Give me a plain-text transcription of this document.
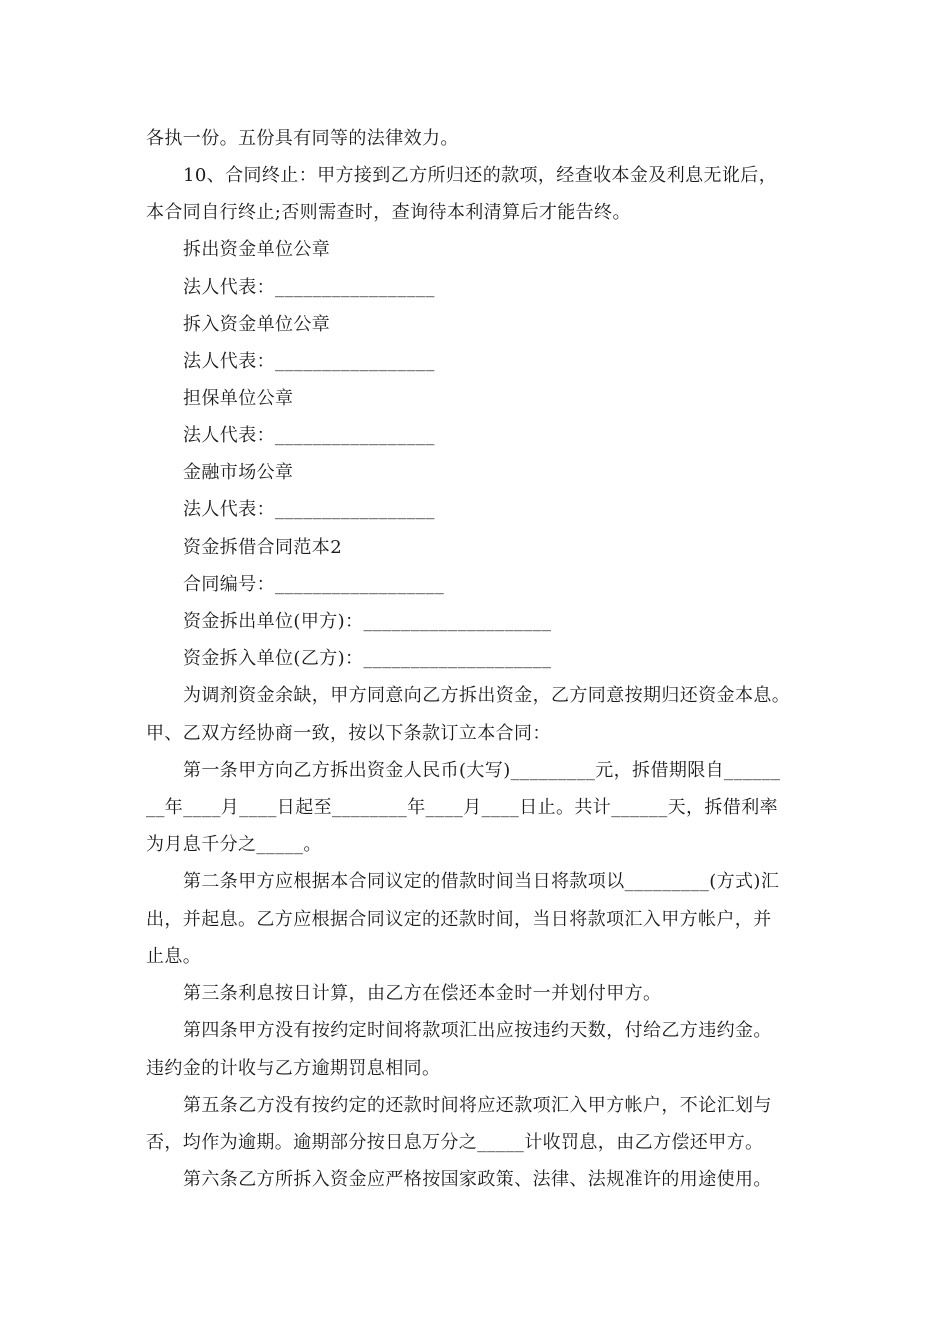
各执一份。五份具有同等的法律效力。
10、合同终止：甲方接到乙方所归还的款项，经查收本金及利息无讹后，
本合同自行终止;否则需查时，查询待本利清算后才能告终。
拆出资金单位公章
法人代表：_________________
拆入资金单位公章
法人代表：_________________
担保单位公章
法人代表：_________________
金融市场公章
法人代表：_________________
资金拆借合同范本2
合同编号：__________________
资金拆出单位(甲方)：____________________
资金拆入单位(乙方)：____________________
为调剂资金余缺，甲方同意向乙方拆出资金，乙方同意按期归还资金本息。
甲、乙双方经协商一致，按以下条款订立本合同：
第一条甲方向乙方拆出资金人民币(大写)_________元，拆借期限自______
__年____月____日起至________年____月____日止。共计______天，拆借利率
为月息千分之_____。
第二条甲方应根据本合同议定的借款时间当日将款项以_________(方式)汇
出，并起息。乙方应根据合同议定的还款时间，当日将款项汇入甲方帐户，并
止息。
第三条利息按日计算，由乙方在偿还本金时一并划付甲方。
第四条甲方没有按约定时间将款项汇出应按违约天数，付给乙方违约金。
违约金的计收与乙方逾期罚息相同。
第五条乙方没有按约定的还款时间将应还款项汇入甲方帐户，不论汇划与
否，均作为逾期。逾期部分按日息万分之_____计收罚息，由乙方偿还甲方。
第六条乙方所拆入资金应严格按国家政策、法律、法规准许的用途使用。
